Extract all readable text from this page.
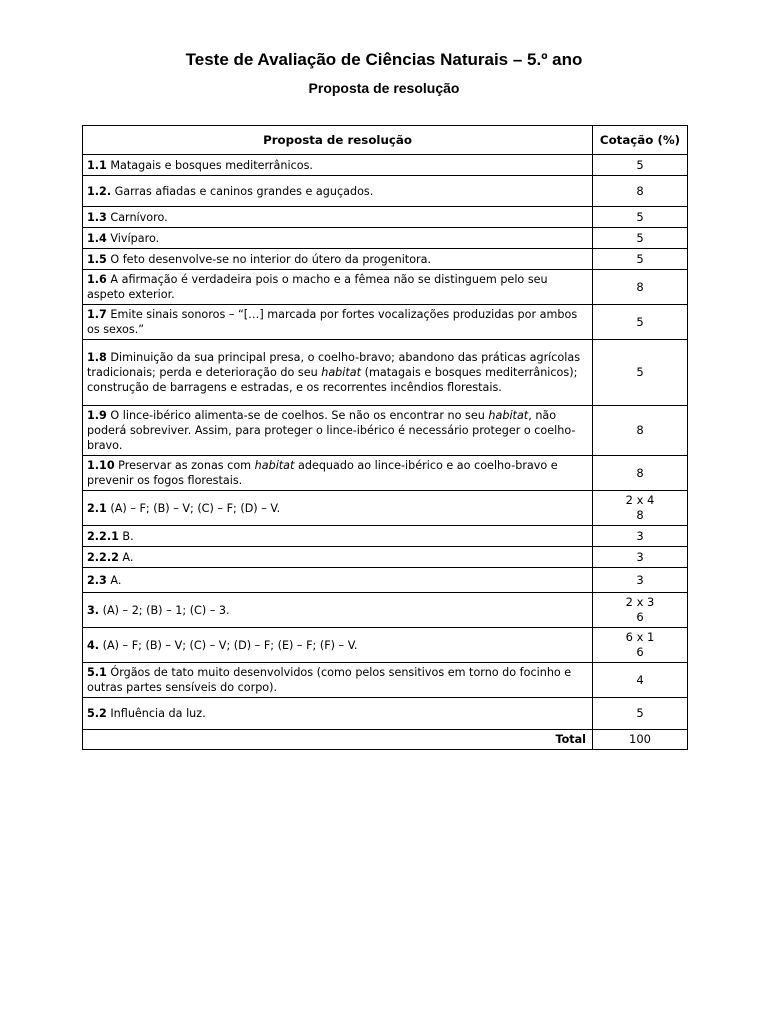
Teste de Avaliação de Ciências Naturais – 5.º ano
Proposta de resolução
Proposta de resolução	Cotação (%)
1.1 Matagais e bosques mediterrânicos.	5

1.2. Garras afiadas e caninos grandes e aguçados.	8

1.3 Carnívoro.	5

1.4 Vivíparo.	5

1.5 O feto desenvolve-se no interior do útero da progenitora.	5

1.6 A afirmação é verdadeira pois o macho e a fêmea não se distinguem pelo seu aspeto exterior.	8

1.7 Emite sinais sonoros – “[…] marcada por fortes vocalizações produzidas por ambos os sexos.”	5

1.8 Diminuição da sua principal presa, o coelho-bravo; abandono das práticas agrícolas tradicionais; perda e deterioração do seu habitat (matagais e bosques mediterrânicos); construção de barragens e estradas, e os recorrentes incêndios florestais.	5

1.9 O lince-ibérico alimenta-se de coelhos. Se não os encontrar no seu habitat, não poderá sobreviver. Assim, para proteger o lince-ibérico é necessário proteger o coelho-bravo.	8

1.10 Preservar as zonas com habitat adequado ao lince-ibérico e ao coelho-bravo e prevenir os fogos florestais.	8

2.1 (A) – F; (B) – V; (C) – F; (D) – V.	2 x 4
8

2.2.1 B.	3

2.2.2 A.	3

2.3 A.	3

3. (A) – 2; (B) – 1; (C) – 3.	2 x 3
6

4. (A) – F; (B) – V; (C) – V; (D) – F; (E) – F; (F) – V.	6 x 1
6

5.1 Órgãos de tato muito desenvolvidos (como pelos sensitivos em torno do focinho e outras partes sensíveis do corpo).	4

5.2 Influência da luz.	5

Total	100
